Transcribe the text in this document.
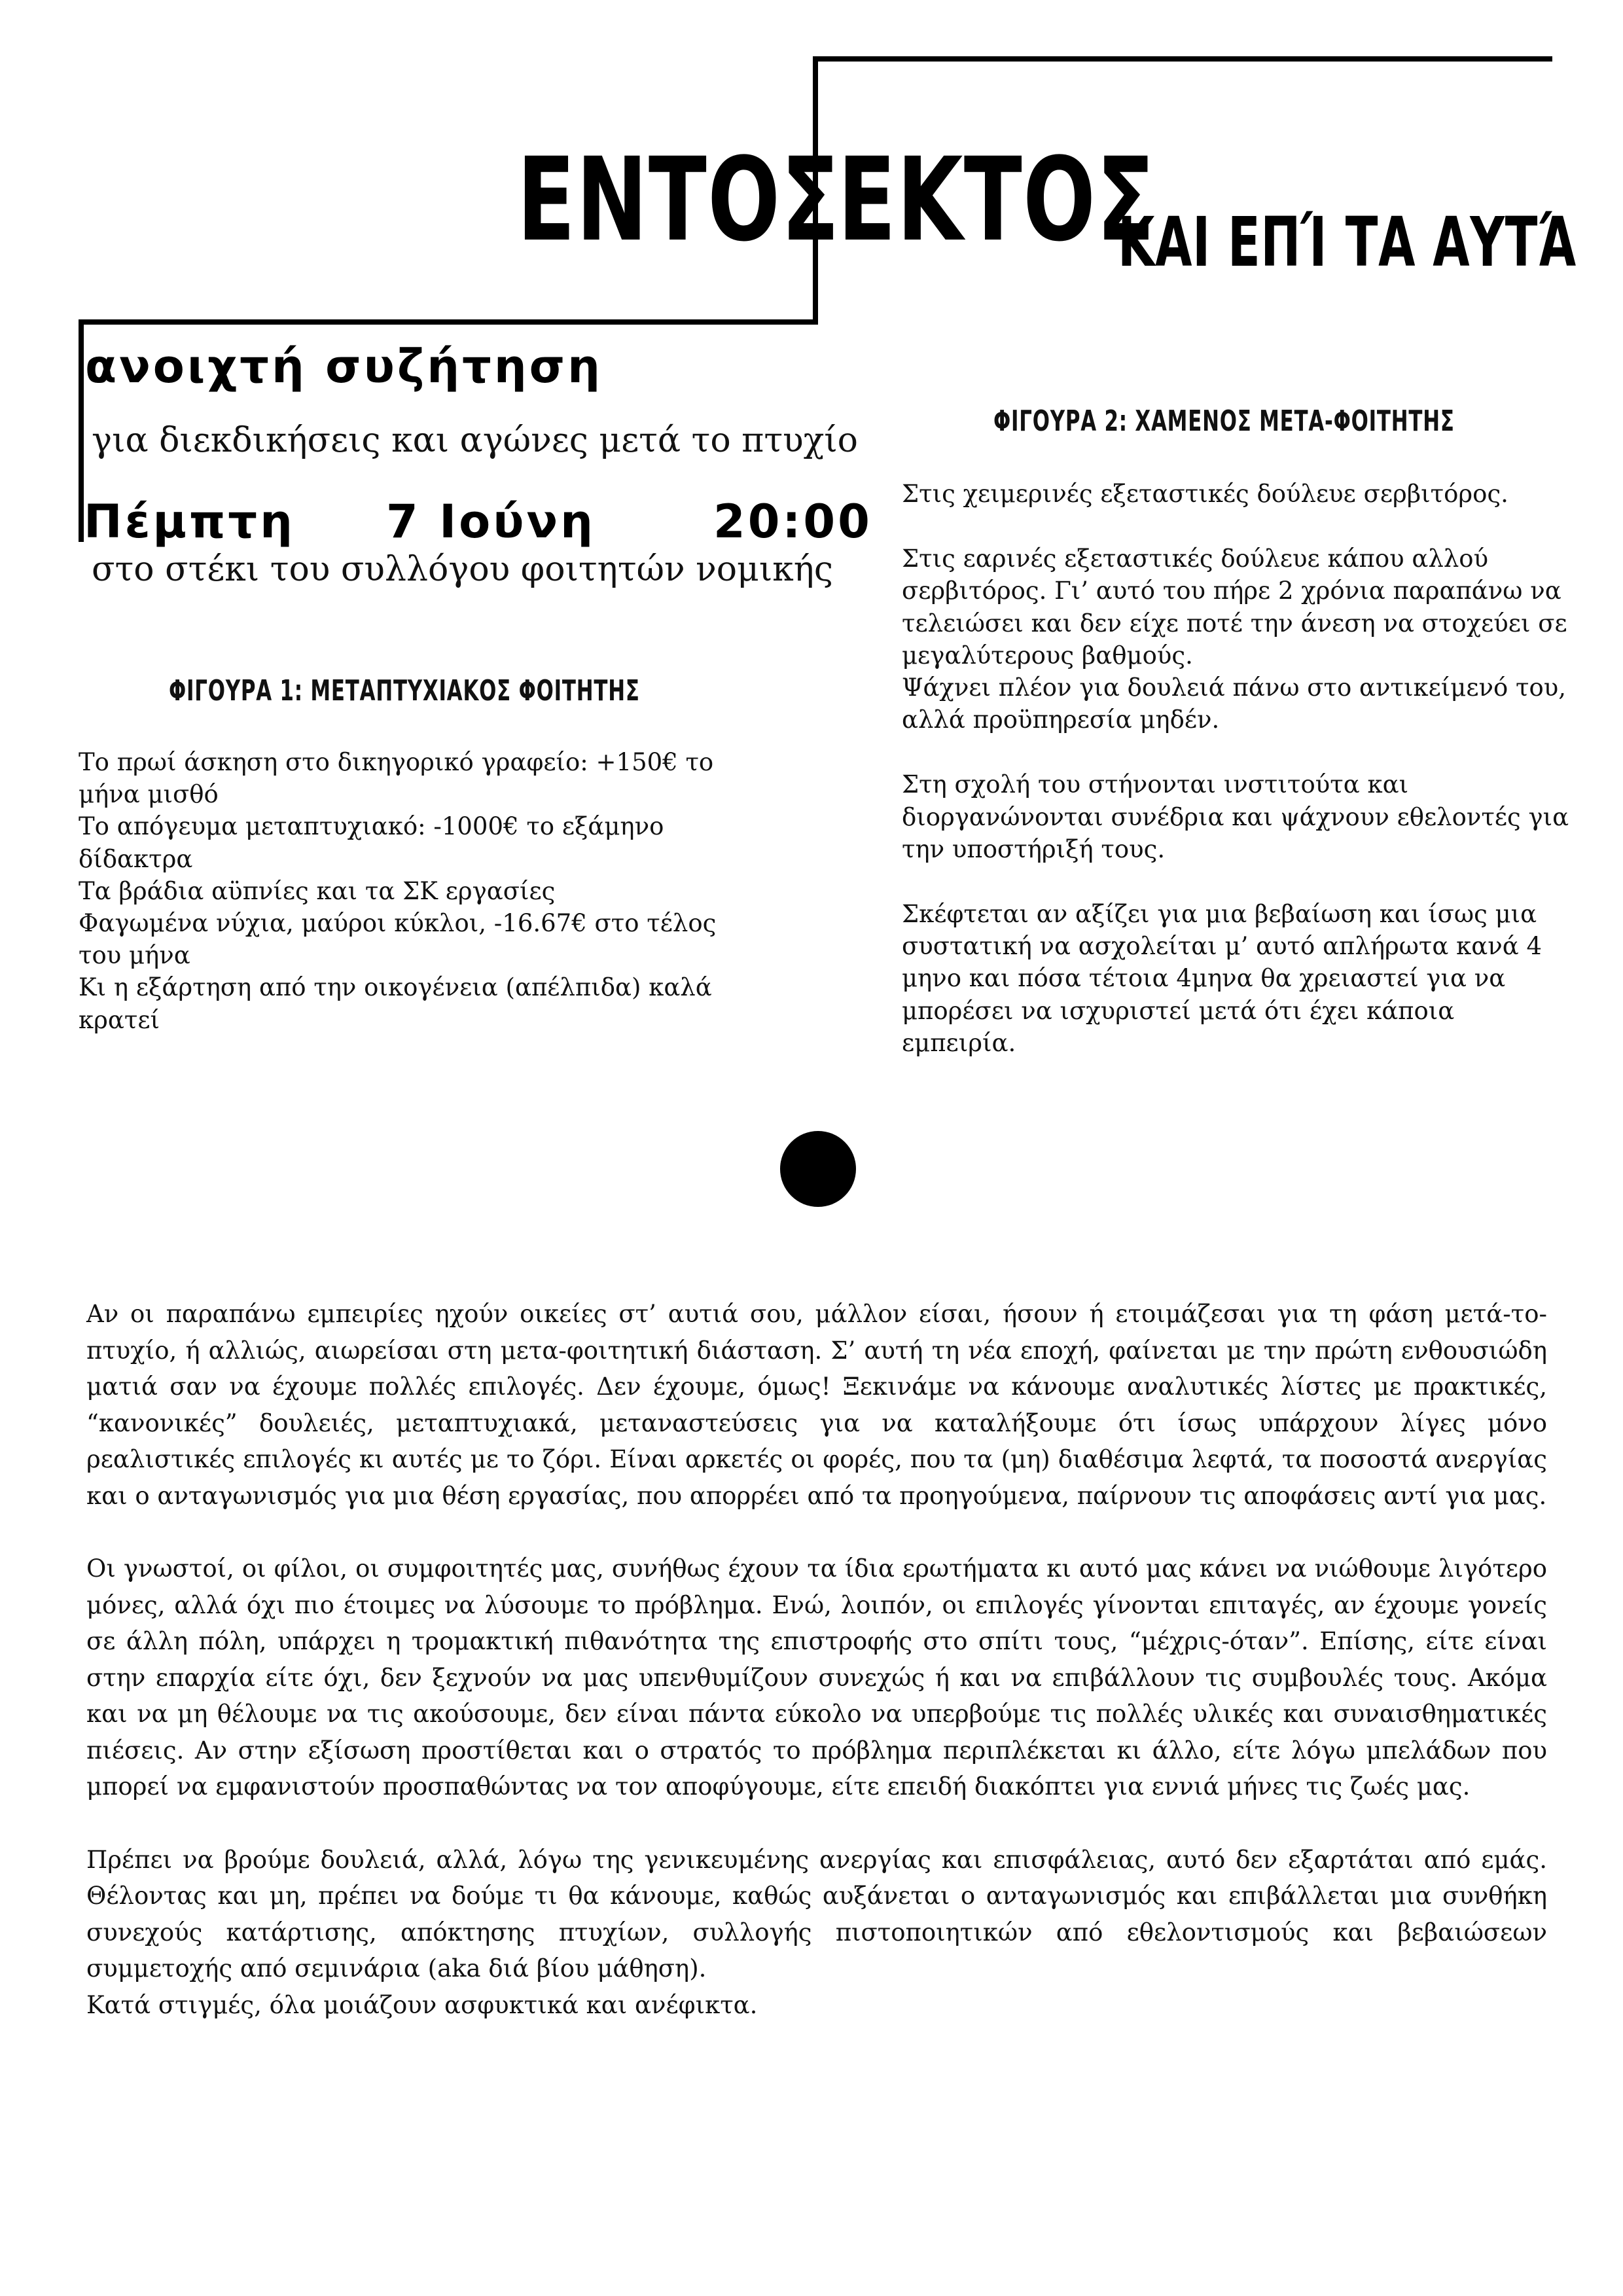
ΕΝΤΟΣ
ΕΚΤΟΣ
ΚΑΙ ΕΠΊ ΤΑ ΑΥΤΆ
ανοιχτή συζήτηση
για διεκδικήσεις και αγώνες μετά το πτυχίο
Πέμπτη 7 Ιούνη	20:00
στο στέκι του συλλόγου φοιτητών νομικής
ΦΙΓΟΥΡΑ 1: ΜΕΤΑΠΤΥΧΙΑΚΟΣ ΦΟΙΤΗΤΗΣ

Το πρωί άσκηση στο δικηγορικό γραφείο: +150€ το μήνα μισθό

Το απόγευμα μεταπτυχιακό: -1000€ το εξάμηνο δίδακτρα

Τα βράδια αϋπνίες και τα ΣΚ εργασίες

Φαγωμένα νύχια, μαύροι κύκλοι, -16.67€ στο τέλος του μήνα

Κι η εξάρτηση από την οικογένεια (απέλπιδα) καλά κρατεί

ΦΙΓΟΥΡΑ 2: ΧΑΜΕΝΟΣ ΜΕΤΑ-ΦΟΙΤΗΤΗΣ

Στις χειμερινές εξεταστικές δούλευε σερβιτόρος.

Στις εαρινές εξεταστικές δούλευε κάπου αλλού σερβιτόρος. Γι’ αυτό του πήρε 2 χρόνια παραπάνω να τελειώσει και δεν είχε ποτέ την άνεση να στοχεύει σε μεγαλύτερους βαθμούς.

Ψάχνει πλέον για δουλειά πάνω στο αντικείμενό του, αλλά προϋπηρεσία μηδέν.

Στη σχολή του στήνονται ινστιτούτα και διοργανώνονται συνέδρια και ψάχνουν εθελοντές για την υποστήριξή τους.

Σκέφτεται αν αξίζει για μια βεβαίωση και ίσως μια συστατική να ασχολείται μ’ αυτό απλήρωτα κανά 4 μηνο και πόσα τέτοια 4μηνα θα χρειαστεί για να μπορέσει να ισχυριστεί μετά ότι έχει κάποια εμπειρία.

Αν οι παραπάνω εμπειρίες ηχούν οικείες στ’ αυτιά σου, μάλλον είσαι, ήσουν ή ετοιμάζεσαι για τη φάση μετά-το-πτυχίο, ή αλλιώς, αιωρείσαι στη μετα-φοιτητική διάσταση. Σ’ αυτή τη νέα εποχή, φαίνεται με την πρώτη ενθουσιώδη ματιά σαν να έχουμε πολλές επιλογές. Δεν έχουμε, όμως! Ξεκινάμε να κάνουμε αναλυτικές λίστες με πρακτικές, “κανονικές” δουλειές, μεταπτυχιακά, μεταναστεύσεις για να καταλήξουμε ότι ίσως υπάρχουν λίγες μόνο ρεαλιστικές επιλογές κι αυτές με το ζόρι. Είναι αρκετές οι φορές, που τα (μη) διαθέσιμα λεφτά, τα ποσοστά ανεργίας και ο ανταγωνισμός για μια θέση εργασίας, που απορρέει από τα προηγούμενα, παίρνουν τις αποφάσεις αντί για μας.

Οι γνωστοί, οι φίλοι, οι συμφοιτητές μας, συνήθως έχουν τα ίδια ερωτήματα κι αυτό μας κάνει να νιώθουμε λιγότερο μόνες, αλλά όχι πιο έτοιμες να λύσουμε το πρόβλημα. Ενώ, λοιπόν, οι επιλογές γίνονται επιταγές, αν έχουμε γονείς σε άλλη πόλη, υπάρχει η τρομακτική πιθανότητα της επιστροφής στο σπίτι τους, “μέχρις-όταν”. Επίσης, είτε είναι στην επαρχία είτε όχι, δεν ξεχνούν να μας υπενθυμίζουν συνεχώς ή και να επιβάλλουν τις συμβουλές τους. Ακόμα και να μη θέλουμε να τις ακούσουμε, δεν είναι πάντα εύκολο να υπερβούμε τις πολλές υλικές και συναισθηματικές πιέσεις. Αν στην εξίσωση προστίθεται και ο στρατός το πρόβλημα περιπλέκεται κι άλλο, είτε λόγω μπελάδων που μπορεί να εμφανιστούν προσπαθώντας να τον αποφύγουμε, είτε επειδή διακόπτει για εννιά μήνες τις ζωές μας.

Πρέπει να βρούμε δουλειά, αλλά, λόγω της γενικευμένης ανεργίας και επισφάλειας, αυτό δεν εξαρτάται από εμάς. Θέλοντας και μη, πρέπει να δούμε τι θα κάνουμε, καθώς αυξάνεται ο ανταγωνισμός και επιβάλλεται μια συνθήκη συνεχούς κατάρτισης, απόκτησης πτυχίων, συλλογής πιστοποιητικών από εθελοντισμούς και βεβαιώσεων συμμετοχής από σεμινάρια (aka διά βίου μάθηση).

Κατά στιγμές, όλα μοιάζουν ασφυκτικά και ανέφικτα.
